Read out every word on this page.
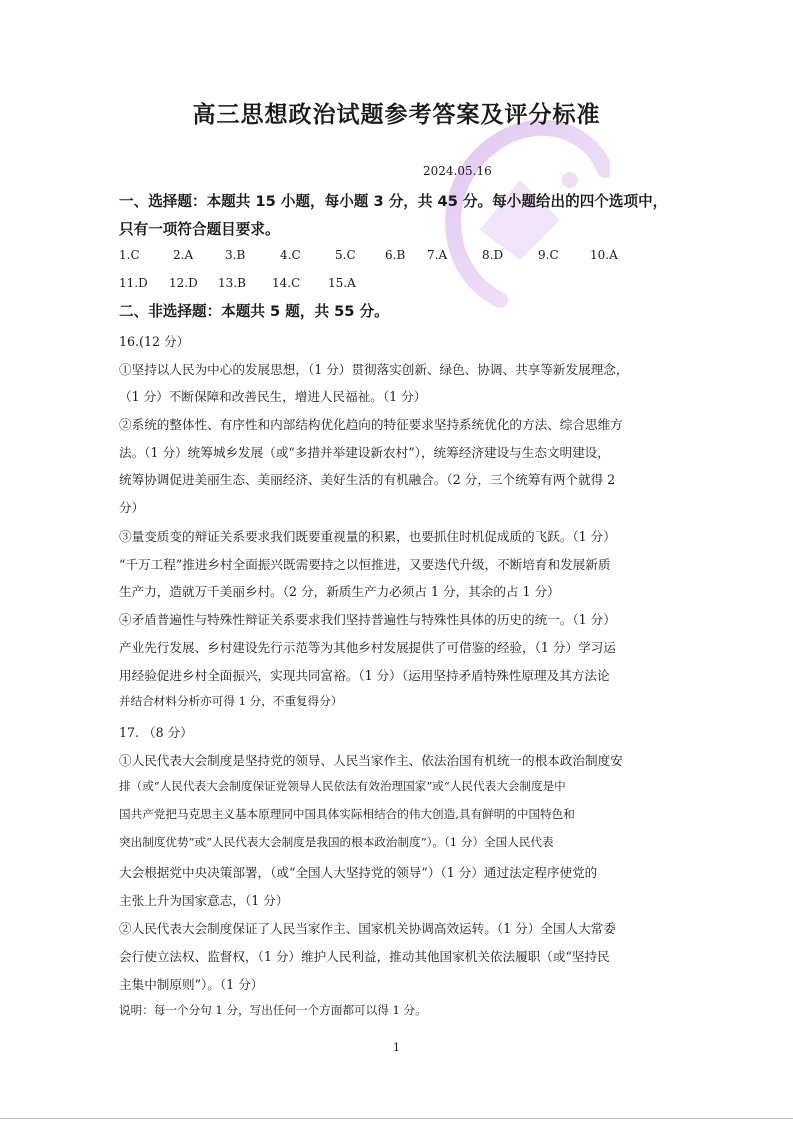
高三思想政治试题参考答案及评分标准
2024.05.16
一、选择题：本题共 15 小题，每小题 3 分，共 45 分。每小题给出的四个选项中，
只有一项符合题目要求。
1.C	2.A	3.B	4.C	5.C 6.B 7.A	8.D	9.C	10.A
11.D 12.D 13.B 14.C 15.A
二、非选择题：本题共 5 题，共 55 分。
16.(12 分）
①坚持以人民为中心的发展思想，（1 分）贯彻落实创新、绿色、协调、共享等新发展理念，
（1 分）不断保障和改善民生，增进人民福祉。（1 分）
②系统的整体性、有序性和内部结构优化趋向的特征要求坚持系统优化的方法、综合思维方
法。（1 分）统筹城乡发展（或“多措并举建设新农村”），统筹经济建设与生态文明建设，
统筹协调促进美丽生态、美丽经济、美好生活的有机融合。（2 分，三个统筹有两个就得 2
分）
③量变质变的辩证关系要求我们既要重视量的积累，也要抓住时机促成质的飞跃。（1 分）
“千万工程”推进乡村全面振兴既需要持之以恒推进，又要迭代升级，不断培育和发展新质
生产力，造就万千美丽乡村。（2 分，新质生产力必须占 1 分，其余的占 1 分）
④矛盾普遍性与特殊性辩证关系要求我们坚持普遍性与特殊性具体的历史的统一。（1 分）
产业先行发展、乡村建设先行示范等为其他乡村发展提供了可借鉴的经验，（1 分）学习运
用经验促进乡村全面振兴，实现共同富裕。（1 分）（运用坚持矛盾特殊性原理及其方法论
并结合材料分析亦可得 1 分，不重复得分）
17. （8 分）
①人民代表大会制度是坚持党的领导、人民当家作主、依法治国有机统一的根本政治制度安
排（或“人民代表大会制度保证党领导人民依法有效治理国家”或“人民代表大会制度是中
国共产党把马克思主义基本原理同中国具体实际相结合的伟大创造,具有鲜明的中国特色和
突出制度优势”或“人民代表大会制度是我国的根本政治制度”）。（1 分）全国人民代表
大会根据党中央决策部署，（或“全国人大坚持党的领导”）（1 分）通过法定程序使党的
主张上升为国家意志，（1 分）
②人民代表大会制度保证了人民当家作主、国家机关协调高效运转。（1 分）全国人大常委
会行使立法权、监督权，（1 分）维护人民利益，推动其他国家机关依法履职（或“坚持民
主集中制原则”）。（1 分）
说明：每一个分句 1 分，写出任何一个方面都可以得 1 分。
1
